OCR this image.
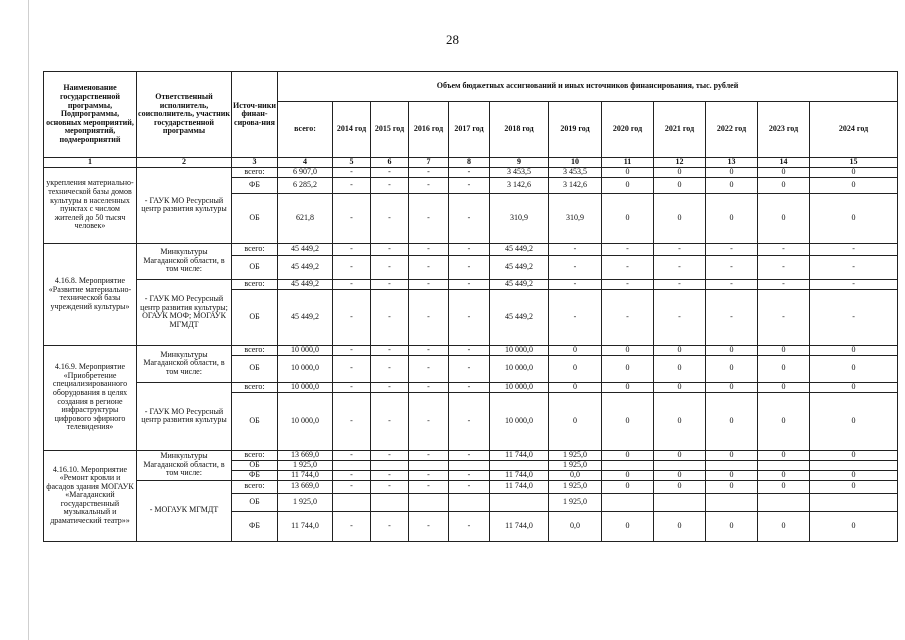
28
Наименование государственной программы, Подпрограммы, основных мероприятий, мероприятий, подмероприятий	Ответственный исполнитель, соисполнитель, участник государственной программы	Источ-ники финан-сирова-ния	Объем бюджетных ассигнований и иных источников финансирования, тыс. рублей											
			всего:	2014 год	2015 год	2016 год	2017 год	2018 год	2019 год	2020 год	2021 год	2022 год	2023 год	2024 год
1	2	3	4	5	6	7	8	9	10	11	12	13	14	15
укрепления материально-технической базы домов культуры в населенных пунктах с числом жителей до 50 тысяч человек»	- ГАУК МО Ресурсный центр развития культуры	всего:	6 907,0	-	-	-	-	3 453,5	3 453,5	0	0	0	0	0
		ФБ	6 285,2	-	-	-	-	3 142,6	3 142,6	0	0	0	0	0
		ОБ	621,8	-	-	-	-	310,9	310,9	0	0	0	0	0
4.16.8. Мероприятие «Развитие материально-технической базы учреждений культуры»	Минкультуры Магаданской области, в том числе:	всего:	45 449,2	-	-	-	-	45 449,2	-	-	-	-	-	-
		ОБ	45 449,2	-	-	-	-	45 449,2	-	-	-	-	-	-
	- ГАУК МО Ресурсный центр развития культуры; ОГАУК МОФ; МОГАУК МГМДТ	всего:	45 449,2	-	-	-	-	45 449,2	-	-	-	-	-	-
		ОБ	45 449,2	-	-	-	-	45 449,2	-	-	-	-	-	-
4.16.9. Мероприятие «Приобретение специализированного оборудования в целях создания в регионе инфраструктуры цифрового эфирного телевидения»	Минкультуры Магаданской области, в том числе:	всего:	10 000,0	-	-	-	-	10 000,0	0	0	0	0	0	0
		ОБ	10 000,0	-	-	-	-	10 000,0	0	0	0	0	0	0
	- ГАУК МО Ресурсный центр развития культуры	всего:	10 000,0	-	-	-	-	10 000,0	0	0	0	0	0	0
		ОБ	10 000,0	-	-	-	-	10 000,0	0	0	0	0	0	0
4.16.10. Мероприятие «Ремонт кровли и фасадов здания МОГАУК «Магаданский государственный музыкальный и драматический театр»»	Минкультуры Магаданской области, в том числе:	всего:	13 669,0	-	-	-	-	11 744,0	1 925,0	0	0	0	0	0
		ОБ	1 925,0						1 925,0					
		ФБ	11 744,0	-	-	-	-	11 744,0	0,0	0	0	0	0	0
	- МОГАУК МГМДТ	всего:	13 669,0	-	-	-	-	11 744,0	1 925,0	0	0	0	0	0
		ОБ	1 925,0						1 925,0					
		ФБ	11 744,0	-	-	-	-	11 744,0	0,0	0	0	0	0	0
